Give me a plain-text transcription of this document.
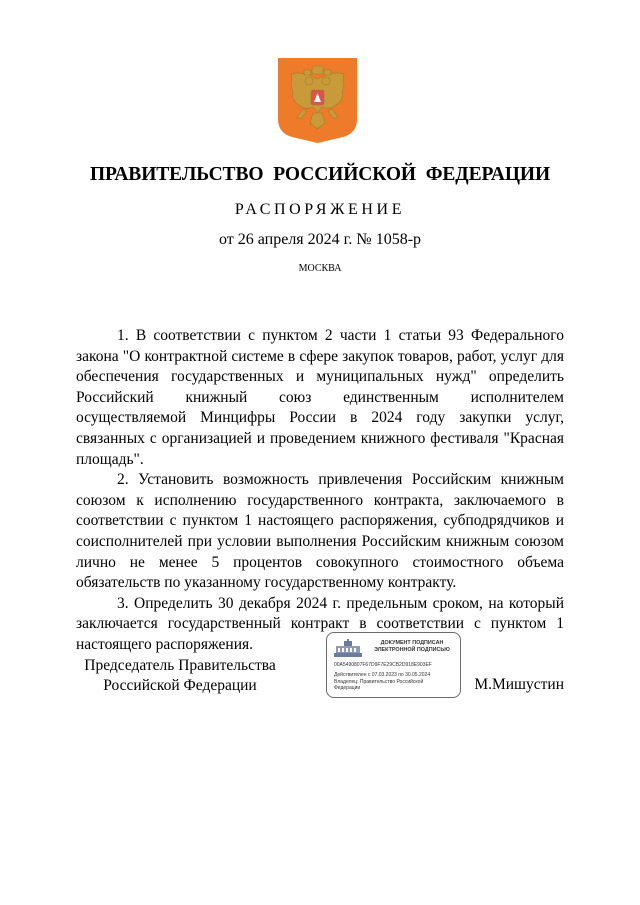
ПРАВИТЕЛЬСТВО РОССИЙСКОЙ ФЕДЕРАЦИИ
РАСПОРЯЖЕНИЕ
от 26 апреля 2024 г. № 1058-р
МОСКВА

1. В соответствии с пунктом 2 части 1 статьи 93 Федерального закона "О контрактной системе в сфере закупок товаров, работ, услуг для обеспечения государственных и муниципальных нужд" определить Российский книжный союз единственным исполнителем осуществляемой Минцифры России в 2024 году закупки услуг, связанных с организацией и проведением книжного фестиваля "Красная площадь".

2. Установить возможность привлечения Российским книжным союзом к исполнению государственного контракта, заключаемого в соответствии с пунктом 1 настоящего распоряжения, субподрядчиков и соисполнителей при условии выполнения Российским книжным союзом лично не менее 5 процентов совокупного стоимостного объема обязательств по указанному государственному контракту.

3. Определить 30 декабря 2024 г. предельным сроком, на который заключается государственный контракт в соответствии с пунктом 1 настоящего распоряжения.

Председатель Правительства
Российской Федерации
ДОКУМЕНТ ПОДПИСАН
ЭЛЕКТРОННОЙ ПОДПИСЬЮ
00A5490807F67D9F7E29CB2D918E903EF
Действителен с 07.03.2023 по 30.05.2024
Владелец: Правительство Российской
Федерации	М.Мишустин
